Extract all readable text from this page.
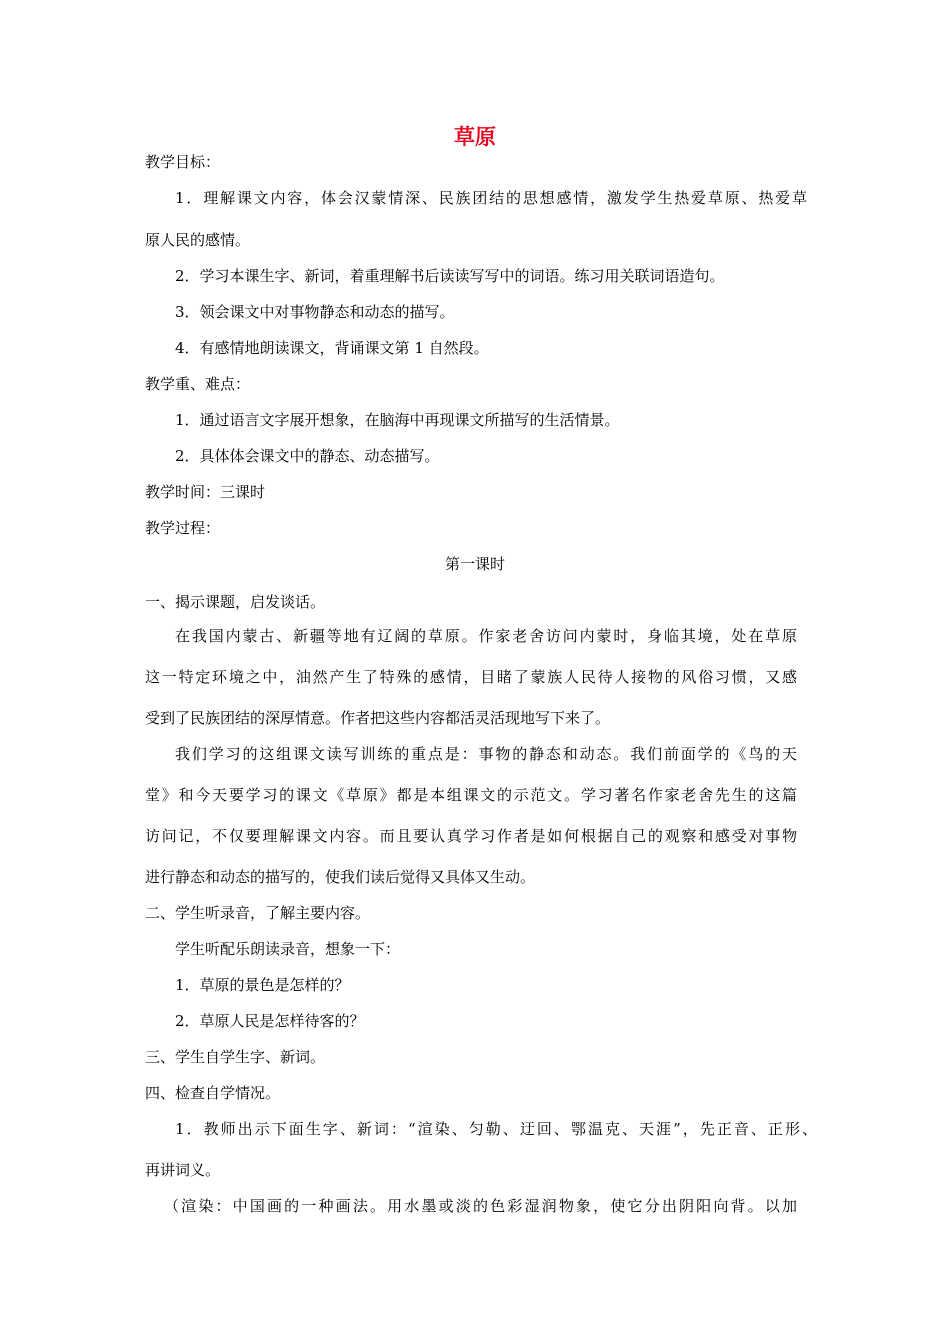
草原
教学目标：
1．理解课文内容，体会汉蒙情深、民族团结的思想感情，激发学生热爱草原、热爱草
原人民的感情。
2．学习本课生字、新词，着重理解书后读读写写中的词语。练习用关联词语造句。
3．领会课文中对事物静态和动态的描写。
4．有感情地朗读课文，背诵课文第 1 自然段。
教学重、难点：
1．通过语言文字展开想象，在脑海中再现课文所描写的生活情景。
2．具体体会课文中的静态、动态描写。
教学时间：三课时
教学过程：
第一课时
一、揭示课题，启发谈话。
在我国内蒙古、新疆等地有辽阔的草原。作家老舍访问内蒙时，身临其境，处在草原
这一特定环境之中，油然产生了特殊的感情，目睹了蒙族人民待人接物的风俗习惯，又感
受到了民族团结的深厚情意。作者把这些内容都活灵活现地写下来了。
我们学习的这组课文读写训练的重点是：事物的静态和动态。我们前面学的《鸟的天
堂》和今天要学习的课文《草原》都是本组课文的示范文。学习著名作家老舍先生的这篇
访问记，不仅要理解课文内容。而且要认真学习作者是如何根据自己的观察和感受对事物
进行静态和动态的描写的，使我们读后觉得又具体又生动。
二、学生听录音，了解主要内容。
学生听配乐朗读录音，想象一下：
1．草原的景色是怎样的？
2．草原人民是怎样待客的？
三、学生自学生字、新词。
四、检查自学情况。
1．教师出示下面生字、新词：“渲染、匀勒、迂回、鄂温克、天涯”，先正音、正形、
再讲词义。
（渲染：中国画的一种画法。用水墨或淡的色彩湿润物象，使它分出阴阳向背。以加
